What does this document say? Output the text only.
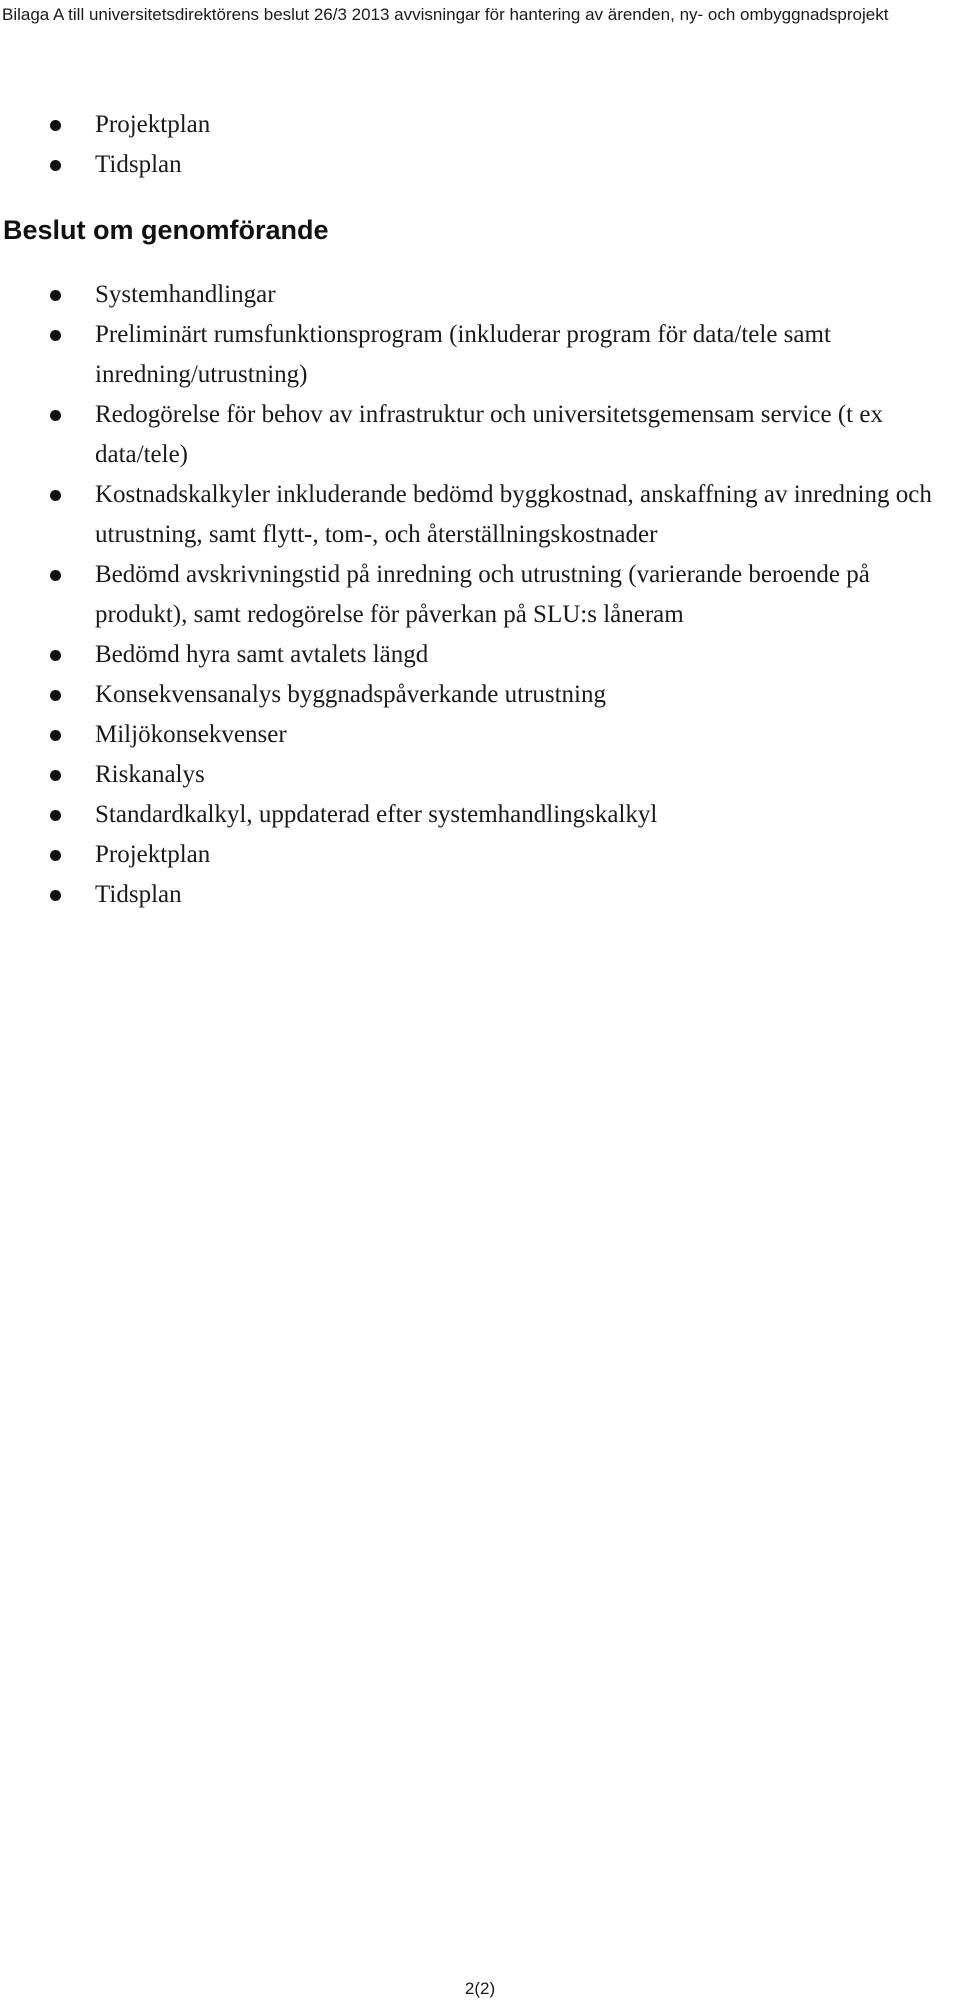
Bilaga A till universitetsdirektörens beslut 26/3 2013 avvisningar för hantering av ärenden, ny- och ombyggnadsprojekt
Projektplan
Tidsplan
Beslut om genomförande
Systemhandlingar
Preliminärt rumsfunktionsprogram (inkluderar program för data/tele samt inredning/utrustning)
Redogörelse för behov av infrastruktur och universitetsgemensam service (t ex data/tele)
Kostnadskalkyler inkluderande bedömd byggkostnad, anskaffning av inredning och utrustning, samt flytt-, tom-, och återställningskostnader
Bedömd avskrivningstid på inredning och utrustning (varierande beroende på produkt), samt redogörelse för påverkan på SLU:s låneram
Bedömd hyra samt avtalets längd
Konsekvensanalys byggnadspåverkande utrustning
Miljökonsekvenser
Riskanalys
Standardkalkyl, uppdaterad efter systemhandlingskalkyl
Projektplan
Tidsplan
2(2)
